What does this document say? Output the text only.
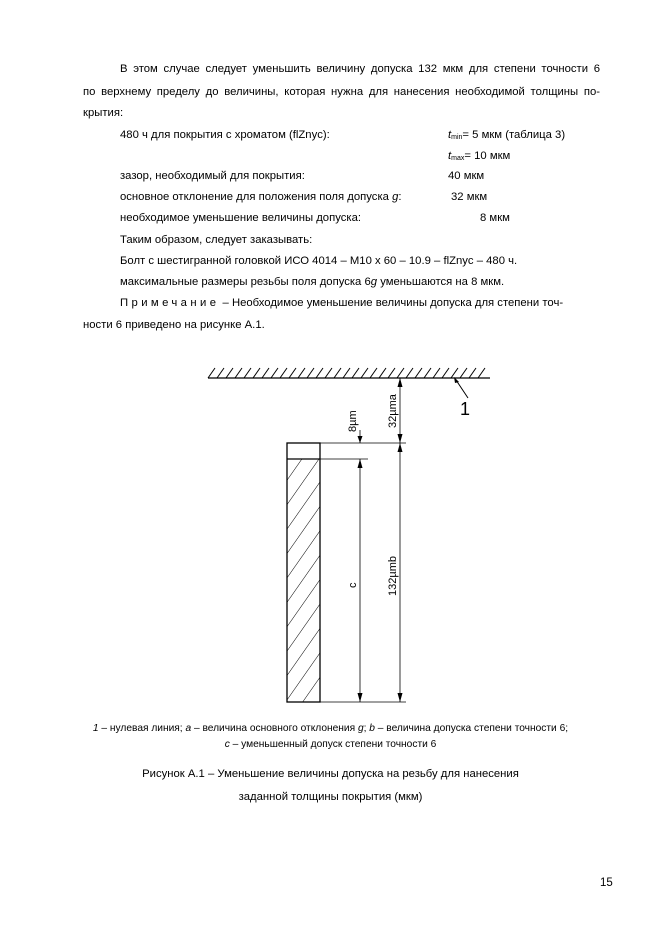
В этом случае следует уменьшить величину допуска 132 мкм для степени точности 6
по верхнему пределу до величины, которая нужна для нанесения необходимой толщины по-
крытия:
480 ч для покрытия с хроматом (flZnyc):	tmin= 5 мкм (таблица 3)
tmax= 10 мкм
зазор, необходимый для покрытия:	40 мкм
основное отклонение для положения поля допуска g:	32 мкм
необходимое уменьшение величины допуска:	8 мкм
Таким образом, следует заказывать:
Болт с шестигранной головкой ИСО 4014 – М10 х 60 – 10.9 – flZnyc – 480 ч.
максимальные размеры резьбы поля допуска 6g уменьшаются на 8 мкм.
Примечание – Необходимое уменьшение величины допуска для степени точ-
ности 6 приведено на рисунке А.1.
1
132µmb
32µma
8µm
c
1 – нулевая линия; a – величина основного отклонения g; b – величина допуска степени точности 6;
c – уменьшенный допуск степени точности 6
Рисунок А.1 – Уменьшение величины допуска на резьбу для нанесения
заданной толщины покрытия (мкм)
15
